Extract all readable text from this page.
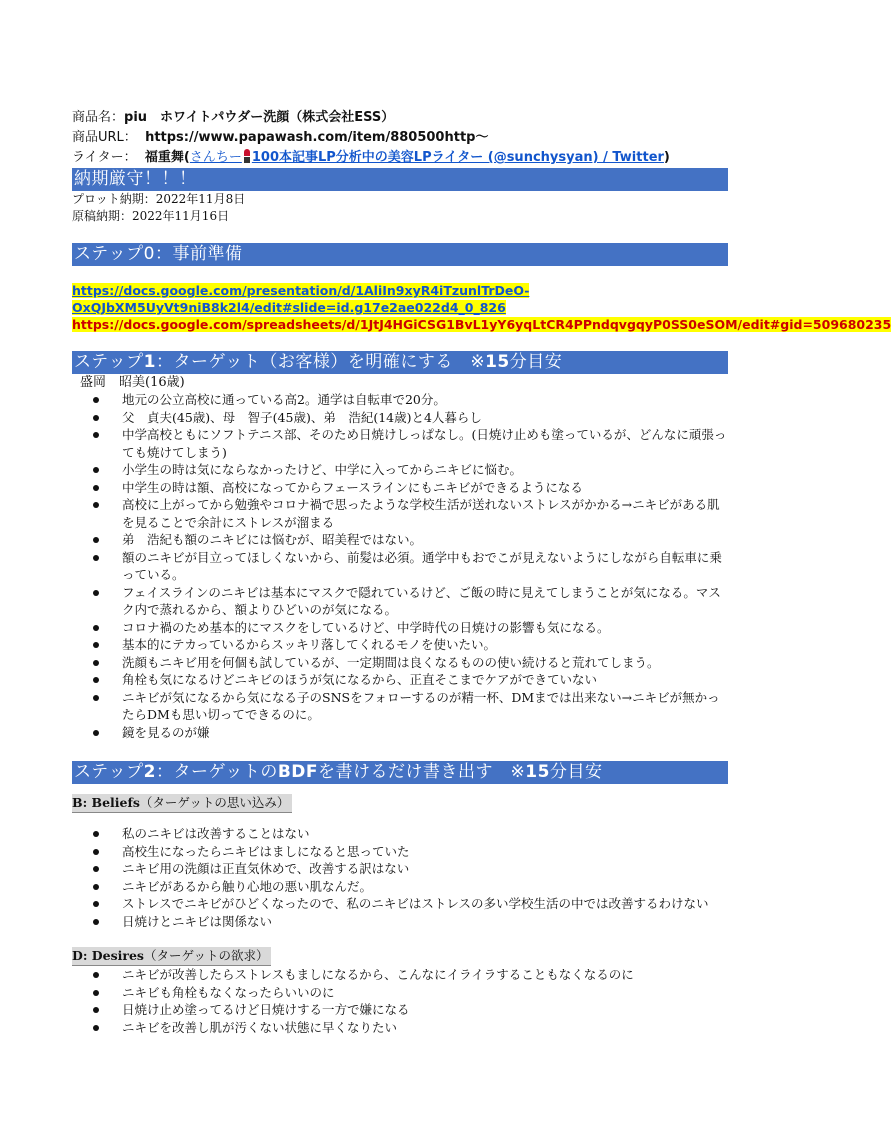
商品名：piu　ホワイトパウダー洗顔（株式会社ESS）
商品URL： https://www.papawash.com/item/880500http～
ライター： 福重舞(さんちー 100本記事LP分析中の美容LPライター (@sunchysyan) / Twitter)
納期厳守！！！
プロット納期：2022年11月8日
原稿納期：2022年11月16日
ステップ0：事前準備
https://docs.google.com/presentation/d/1AliIn9xyR4iTzunlTrDeO-OxQJbXM5UyVt9niB8k2l4/edit#slide=id.g17e2ae022d4_0_826
https://docs.google.com/spreadsheets/d/1JtJ4HGiCSG1BvL1yY6yqLtCR4PPndqvgqyP0SS0eSOM/edit#gid=509680235
ステップ1：ターゲット（お客様）を明確にする　※15分目安
盛岡　昭美(16歳)
地元の公立高校に通っている高2。通学は自転車で20分。
父　貞夫(45歳)、母　智子(45歳)、弟　浩紀(14歳)と4人暮らし
中学高校ともにソフトテニス部、そのため日焼けしっぱなし。(日焼け止めも塗っているが、どんなに頑張っても焼けてしまう)
小学生の時は気にならなかったけど、中学に入ってからニキビに悩む。
中学生の時は額、高校になってからフェースラインにもニキビができるようになる
高校に上がってから勉強やコロナ禍で思ったような学校生活が送れないストレスがかかる→ニキビがある肌を見ることで余計にストレスが溜まる
弟　浩紀も額のニキビには悩むが、昭美程ではない。
額のニキビが目立ってほしくないから、前髪は必須。通学中もおでこが見えないようにしながら自転車に乗っている。
フェイスラインのニキビは基本にマスクで隠れているけど、ご飯の時に見えてしまうことが気になる。マスク内で蒸れるから、額よりひどいのが気になる。
コロナ禍のため基本的にマスクをしているけど、中学時代の日焼けの影響も気になる。
基本的にテカっているからスッキリ落してくれるモノを使いたい。
洗顔もニキビ用を何個も試しているが、一定期間は良くなるものの使い続けると荒れてしまう。
角栓も気になるけどニキビのほうが気になるから、正直そこまでケアができていない
ニキビが気になるから気になる子のSNSをフォローするのが精一杯、DMまでは出来ない→ニキビが無かったらDMも思い切ってできるのに。
鏡を見るのが嫌
ステップ2：ターゲットのBDFを書けるだけ書き出す　※15分目安
B: Beliefs（ターゲットの思い込み）
私のニキビは改善することはない
高校生になったらニキビはましになると思っていた
ニキビ用の洗顔は正直気休めで、改善する訳はない
ニキビがあるから触り心地の悪い肌なんだ。
ストレスでニキビがひどくなったので、私のニキビはストレスの多い学校生活の中では改善するわけない
日焼けとニキビは関係ない
D: Desires（ターゲットの欲求）
ニキビが改善したらストレスもましになるから、こんなにイライラすることもなくなるのに
ニキビも角栓もなくなったらいいのに
日焼け止め塗ってるけど日焼けする一方で嫌になる
ニキビを改善し肌が汚くない状態に早くなりたい
